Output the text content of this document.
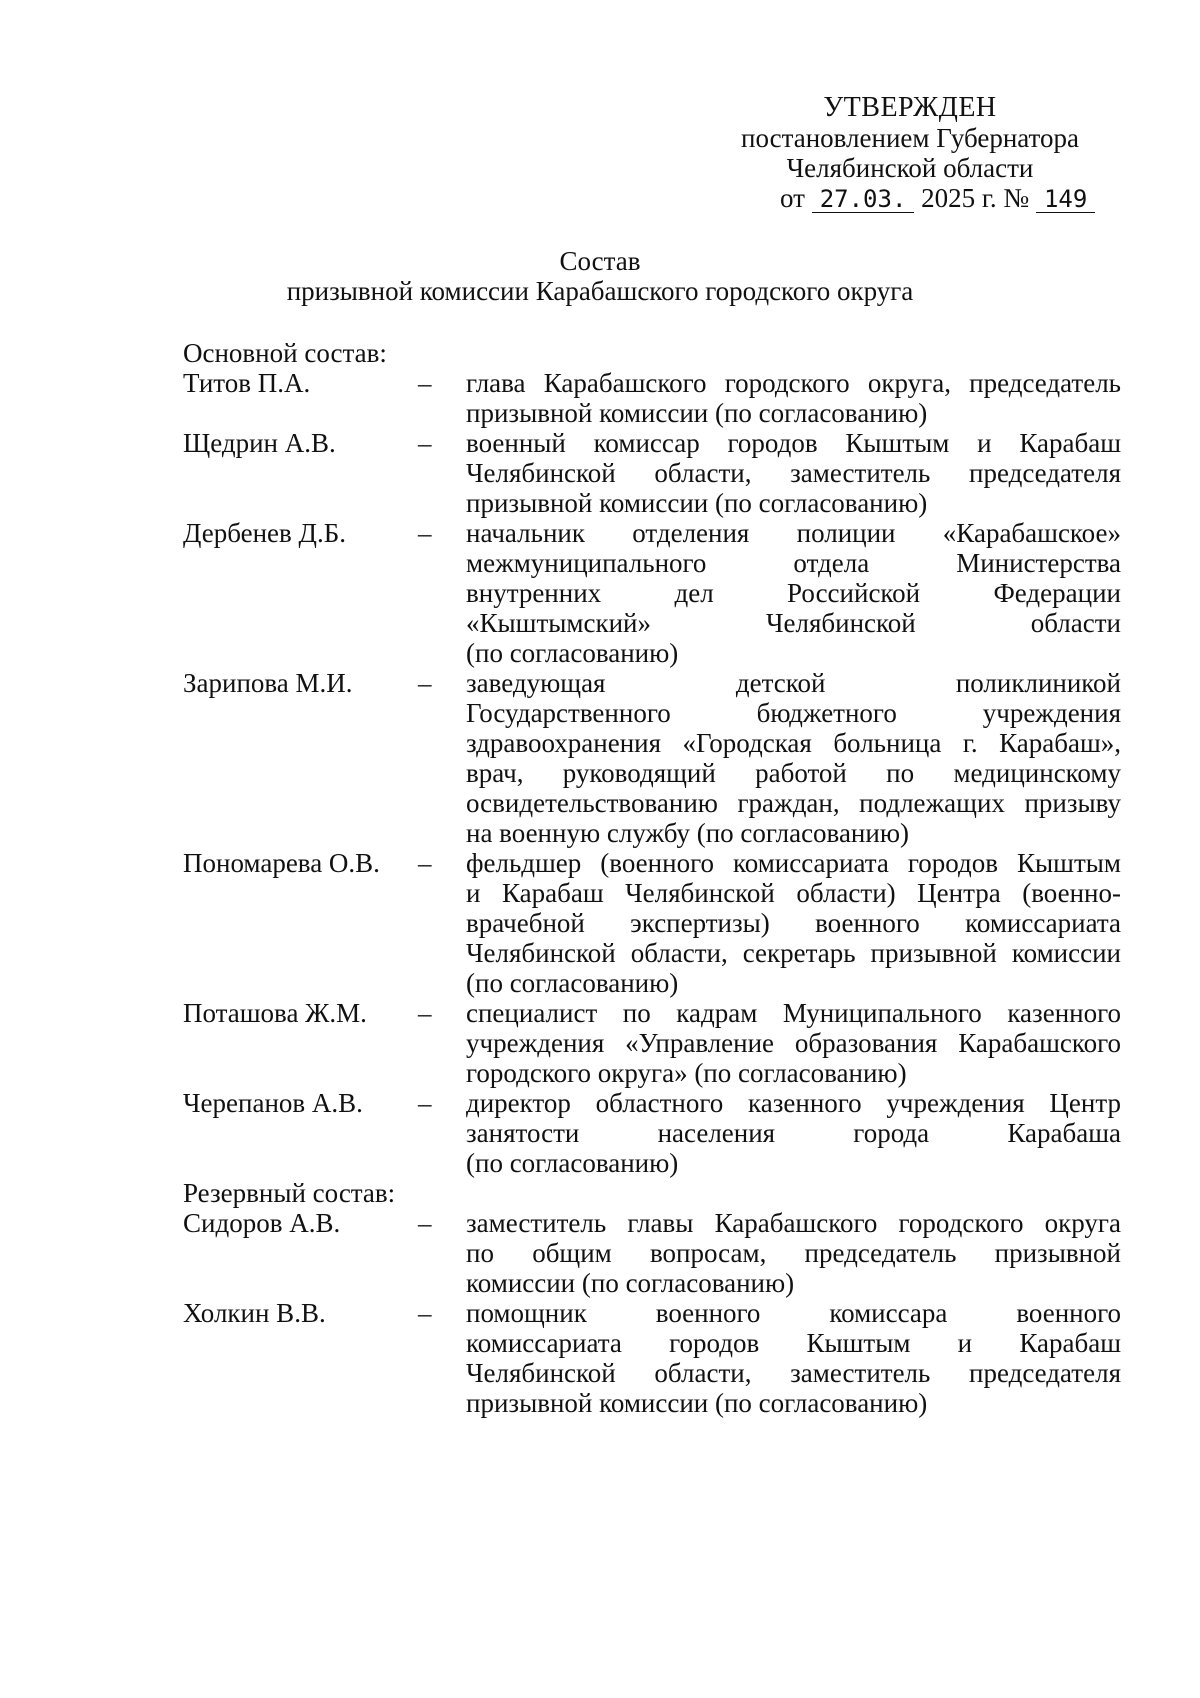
УТВЕРЖДЕН
постановлением Губернатора
Челябинской области
от 27.03. 2025 г. № 149
Состав
призывной комиссии Карабашского городского округа
Основной состав:
Титов П.А.	–	глава Карабашского городского округа, председатель
призывной комиссии (по согласованию)
Щедрин А.В.	–	военный комиссар городов Кыштым и Карабаш
Челябинской области, заместитель председателя
призывной комиссии (по согласованию)
Дербенев Д.Б.	–	начальник отделения полиции «Карабашское»
межмуниципального отдела Министерства
внутренних дел Российской Федерации
«Кыштымский» Челябинской области
(по согласованию)
Зарипова М.И.	–	заведующая детской поликлиникой
Государственного бюджетного учреждения
здравоохранения «Городская больница г. Карабаш»,
врач, руководящий работой по медицинскому
освидетельствованию граждан, подлежащих призыву
на военную службу (по согласованию)
Пономарева О.В.	–	фельдшер (военного комиссариата городов Кыштым
и Карабаш Челябинской области) Центра (военно-
врачебной экспертизы) военного комиссариата
Челябинской области, секретарь призывной комиссии
(по согласованию)
Поташова Ж.М.	–	специалист по кадрам Муниципального казенного
учреждения «Управление образования Карабашского
городского округа» (по согласованию)
Черепанов А.В.	–	директор областного казенного учреждения Центр
занятости населения города Карабаша
(по согласованию)
Резервный состав:
Сидоров А.В.	–	заместитель главы Карабашского городского округа
по общим вопросам, председатель призывной
комиссии (по согласованию)
Холкин В.В.	–	помощник военного комиссара военного
комиссариата городов Кыштым и Карабаш
Челябинской области, заместитель председателя
призывной комиссии (по согласованию)
